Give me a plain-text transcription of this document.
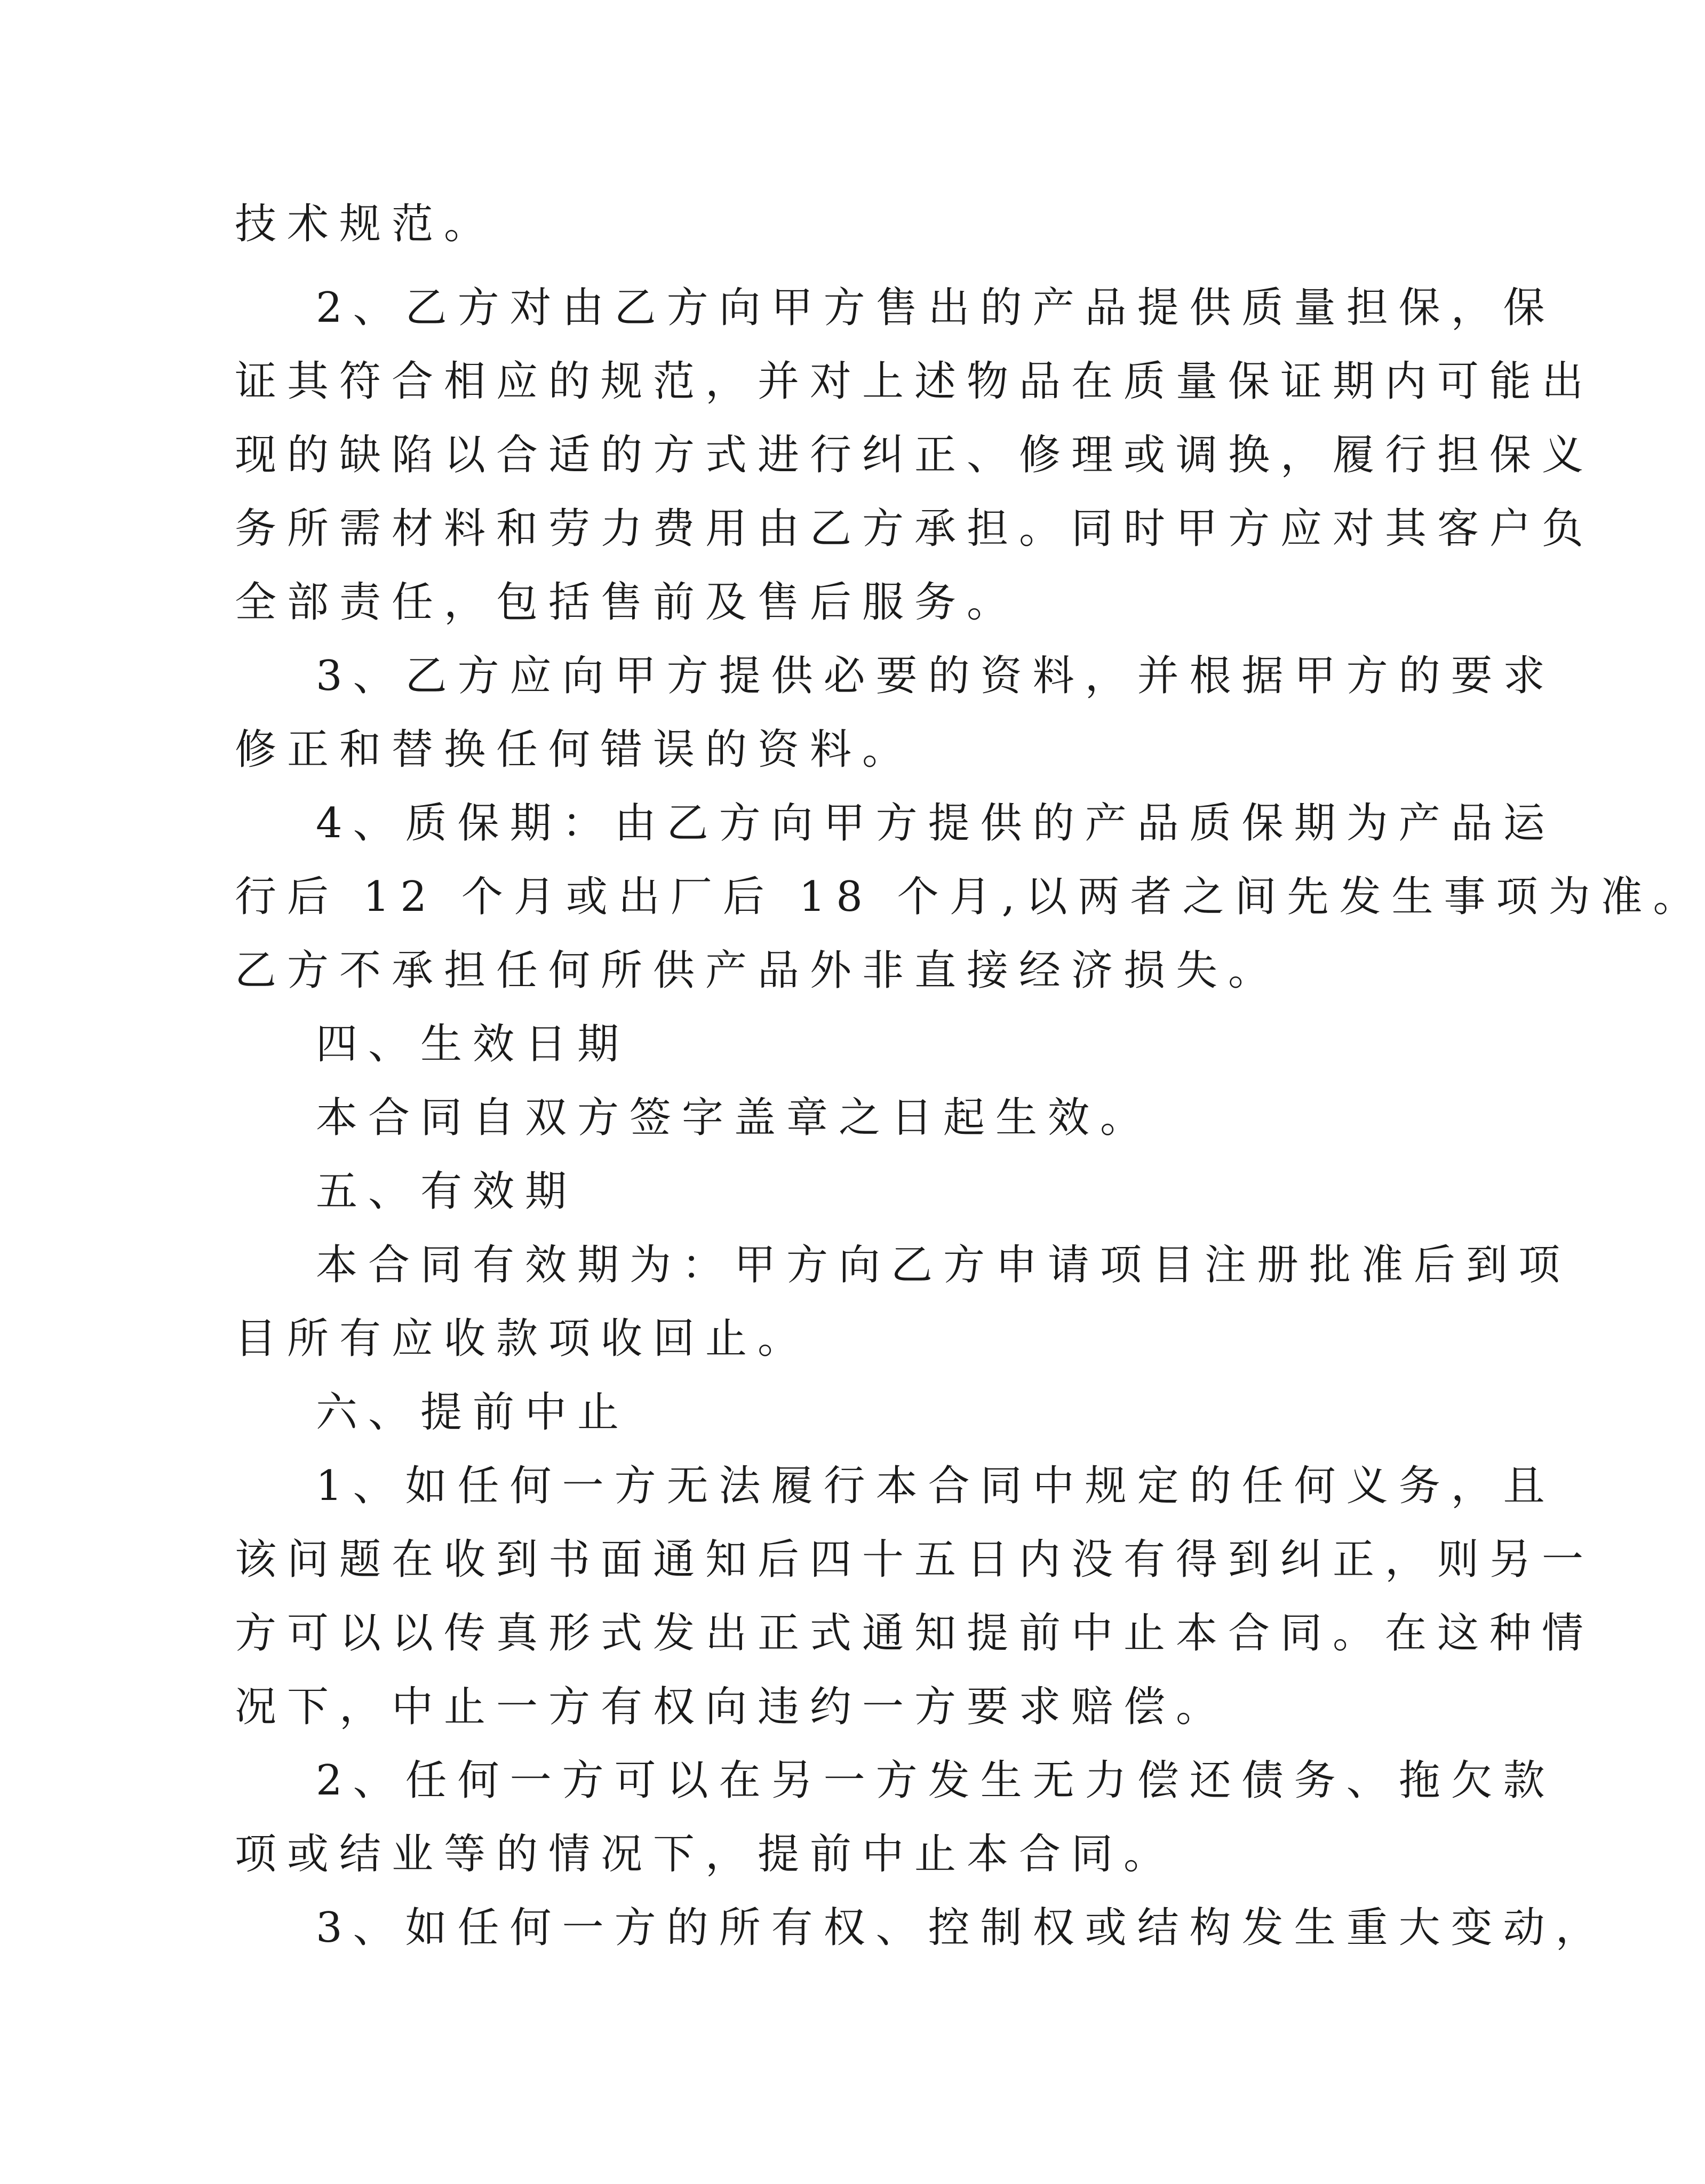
技术规范。
2、乙方对由乙方向甲方售出的产品提供质量担保，保
证其符合相应的规范，并对上述物品在质量保证期内可能出
现的缺陷以合适的方式进行纠正、修理或调换，履行担保义
务所需材料和劳力费用由乙方承担。同时甲方应对其客户负
全部责任，包括售前及售后服务。
3、乙方应向甲方提供必要的资料，并根据甲方的要求
修正和替换任何错误的资料。
4、质保期：由乙方向甲方提供的产品质保期为产品运
行后 12 个月或出厂后 18 个月,以两者之间先发生事项为准。
乙方不承担任何所供产品外非直接经济损失。
四、生效日期
本合同自双方签字盖章之日起生效。
五、有效期
本合同有效期为：甲方向乙方申请项目注册批准后到项
目所有应收款项收回止。
六、提前中止
1、如任何一方无法履行本合同中规定的任何义务，且
该问题在收到书面通知后四十五日内没有得到纠正，则另一
方可以以传真形式发出正式通知提前中止本合同。在这种情
况下，中止一方有权向违约一方要求赔偿。
2、任何一方可以在另一方发生无力偿还债务、拖欠款
项或结业等的情况下，提前中止本合同。
3、如任何一方的所有权、控制权或结构发生重大变动，
